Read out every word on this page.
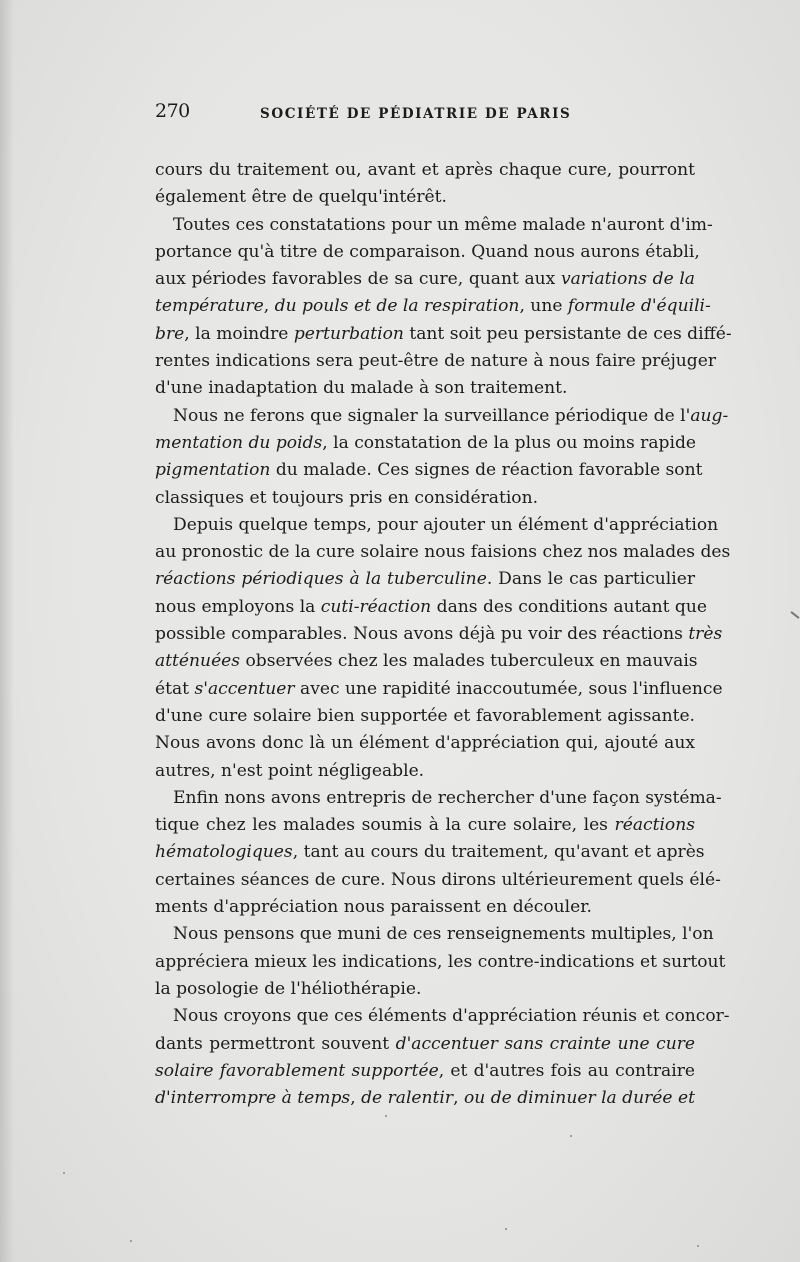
270	SOCIÉTÉ DE PÉDIATRIE DE PARIS
cours du traitement ou, avant et après chaque cure, pourront
également être de quelqu'intérêt.
Toutes ces constatations pour un même malade n'auront d'im-
portance qu'à titre de comparaison. Quand nous aurons établi,
aux périodes favorables de sa cure, quant aux variations de la
température, du pouls et de la respiration, une formule d'équili-
bre, la moindre perturbation tant soit peu persistante de ces diffé-
rentes indications sera peut-être de nature à nous faire préjuger
d'une inadaptation du malade à son traitement.
Nous ne ferons que signaler la surveillance périodique de l'aug-
mentation du poids, la constatation de la plus ou moins rapide
pigmentation du malade. Ces signes de réaction favorable sont
classiques et toujours pris en considération.
Depuis quelque temps, pour ajouter un élément d'appréciation
au pronostic de la cure solaire nous faisions chez nos malades des
réactions périodiques à la tuberculine. Dans le cas particulier
nous employons la cuti-réaction dans des conditions autant que
possible comparables. Nous avons déjà pu voir des réactions très
atténuées observées chez les malades tuberculeux en mauvais
état s'accentuer avec une rapidité inaccoutumée, sous l'influence
d'une cure solaire bien supportée et favorablement agissante.
Nous avons donc là un élément d'appréciation qui, ajouté aux
autres, n'est point négligeable.
Enfin nons avons entrepris de rechercher d'une façon systéma-
tique chez les malades soumis à la cure solaire, les réactions
hématologiques, tant au cours du traitement, qu'avant et après
certaines séances de cure. Nous dirons ultérieurement quels élé-
ments d'appréciation nous paraissent en découler.
Nous pensons que muni de ces renseignements multiples, l'on
appréciera mieux les indications, les contre-indications et surtout
la posologie de l'héliothérapie.
Nous croyons que ces éléments d'appréciation réunis et concor-
dants permettront souvent d'accentuer sans crainte une cure
solaire favorablement supportée, et d'autres fois au contraire
d'interrompre à temps, de ralentir, ou de diminuer la durée et
